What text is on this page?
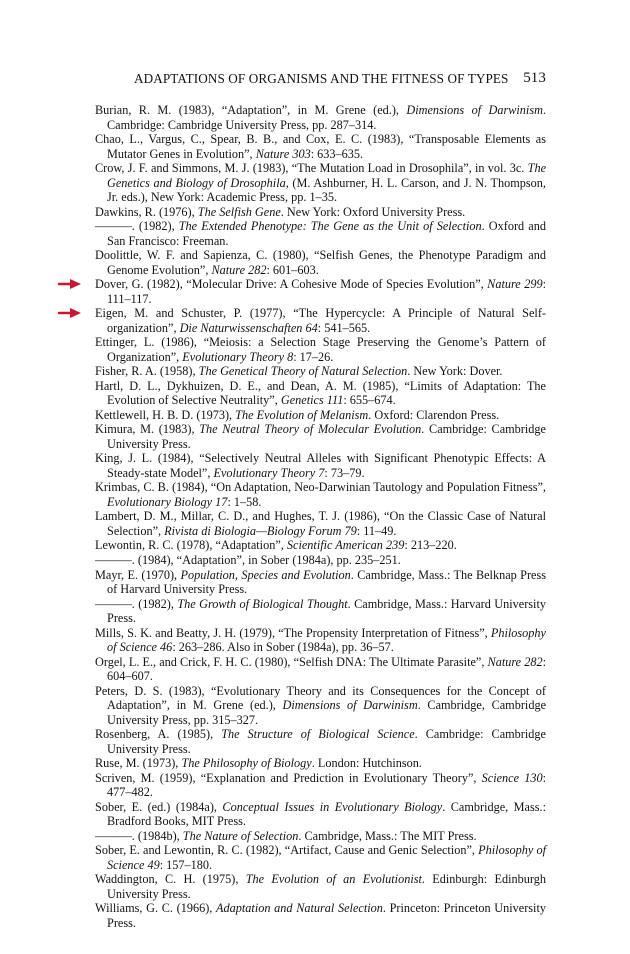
ADAPTATIONS OF ORGANISMS AND THE FITNESS OF TYPES 513

Burian, R. M. (1983), “Adaptation”, in M. Grene (ed.), Dimensions of Darwinism. Cambridge: Cambridge University Press, pp. 287–314.

Chao, L., Vargus, C., Spear, B. B., and Cox, E. C. (1983), “Transposable Elements as Mutator Genes in Evolution”, Nature 303: 633–635.

Crow, J. F. and Simmons, M. J. (1983), “The Mutation Load in Drosophila”, in vol. 3c. The Genetics and Biology of Drosophila, (M. Ashburner, H. L. Carson, and J. N. Thompson, Jr. eds.), New York: Academic Press, pp. 1–35.

Dawkins, R. (1976), The Selfish Gene. New York: Oxford University Press.

———. (1982), The Extended Phenotype: The Gene as the Unit of Selection. Oxford and San Francisco: Freeman.

Doolittle, W. F. and Sapienza, C. (1980), “Selfish Genes, the Phenotype Paradigm and Genome Evolution”, Nature 282: 601–603.

Dover, G. (1982), “Molecular Drive: A Cohesive Mode of Species Evolution”, Nature 299: 111–117.

Eigen, M. and Schuster, P. (1977), “The Hypercycle: A Principle of Natural Self-organization”, Die Naturwissenschaften 64: 541–565.

Ettinger, L. (1986), “Meiosis: a Selection Stage Preserving the Genome’s Pattern of Organization”, Evolutionary Theory 8: 17–26.

Fisher, R. A. (1958), The Genetical Theory of Natural Selection. New York: Dover.

Hartl, D. L., Dykhuizen, D. E., and Dean, A. M. (1985), “Limits of Adaptation: The Evolution of Selective Neutrality”, Genetics 111: 655–674.

Kettlewell, H. B. D. (1973), The Evolution of Melanism. Oxford: Clarendon Press.

Kimura, M. (1983), The Neutral Theory of Molecular Evolution. Cambridge: Cambridge University Press.

King, J. L. (1984), “Selectively Neutral Alleles with Significant Phenotypic Effects: A Steady-state Model”, Evolutionary Theory 7: 73–79.

Krimbas, C. B. (1984), “On Adaptation, Neo-Darwinian Tautology and Population Fitness”, Evolutionary Biology 17: 1–58.

Lambert, D. M., Millar, C. D., and Hughes, T. J. (1986), “On the Classic Case of Natural Selection”, Rivista di Biologia—Biology Forum 79: 11–49.

Lewontin, R. C. (1978), “Adaptation”, Scientific American 239: 213–220.

———. (1984), “Adaptation”, in Sober (1984a), pp. 235–251.

Mayr, E. (1970), Population, Species and Evolution. Cambridge, Mass.: The Belknap Press of Harvard University Press.

———. (1982), The Growth of Biological Thought. Cambridge, Mass.: Harvard University Press.

Mills, S. K. and Beatty, J. H. (1979), “The Propensity Interpretation of Fitness”, Philosophy of Science 46: 263–286. Also in Sober (1984a), pp. 36–57.

Orgel, L. E., and Crick, F. H. C. (1980), “Selfish DNA: The Ultimate Parasite”, Nature 282: 604–607.

Peters, D. S. (1983), “Evolutionary Theory and its Consequences for the Concept of Adaptation”, in M. Grene (ed.), Dimensions of Darwinism. Cambridge, Cambridge University Press, pp. 315–327.

Rosenberg, A. (1985), The Structure of Biological Science. Cambridge: Cambridge University Press.

Ruse, M. (1973), The Philosophy of Biology. London: Hutchinson.

Scriven, M. (1959), “Explanation and Prediction in Evolutionary Theory”, Science 130: 477–482.

Sober, E. (ed.) (1984a), Conceptual Issues in Evolutionary Biology. Cambridge, Mass.: Bradford Books, MIT Press.

———. (1984b), The Nature of Selection. Cambridge, Mass.: The MIT Press.

Sober, E. and Lewontin, R. C. (1982), “Artifact, Cause and Genic Selection”, Philosophy of Science 49: 157–180.

Waddington, C. H. (1975), The Evolution of an Evolutionist. Edinburgh: Edinburgh University Press.

Williams, G. C. (1966), Adaptation and Natural Selection. Princeton: Princeton University Press.
